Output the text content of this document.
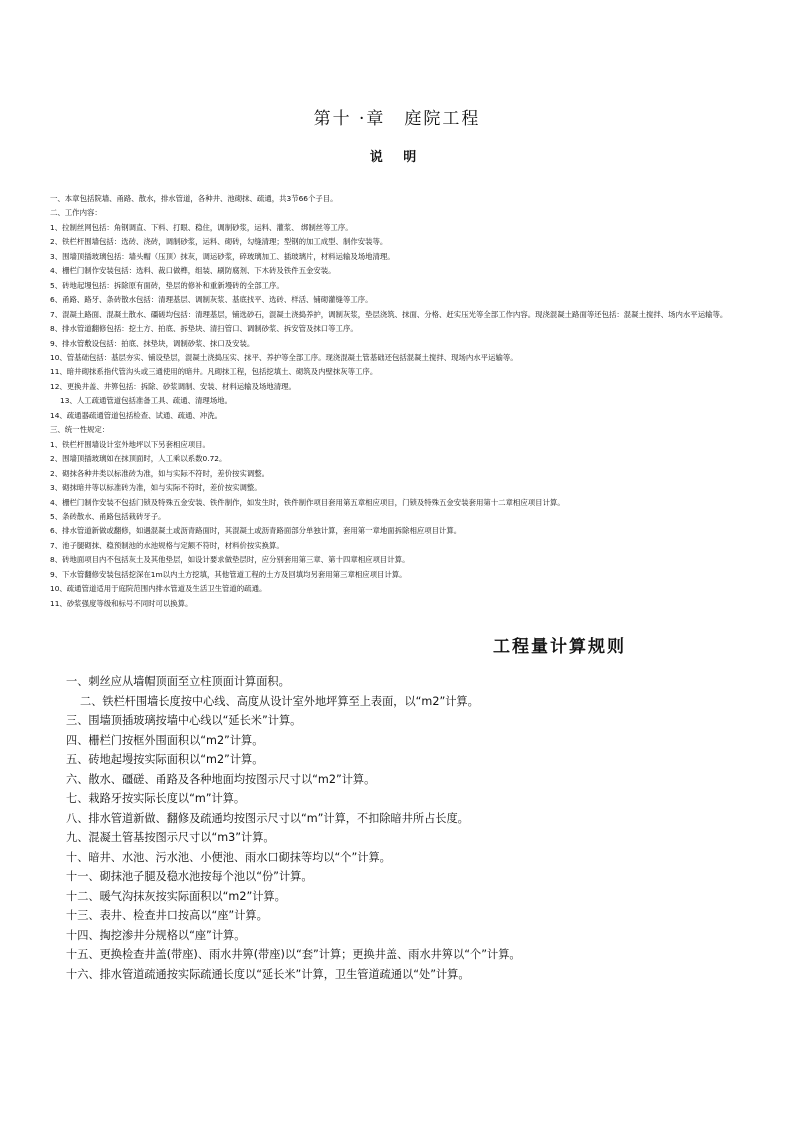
第十 ·章　庭院工程
说 明
一、本章包括院墙、甬路、散水，排水管道，各种井、池砌抹、疏通，共3节66个子目。
二、工作内容：
1、拉制丝网包括：角钢调直、下料、打眼、稳住，调制砂浆，运料、灌浆、 绑制丝等工序。
2、铁栏杆围墙包括：选砖、浇砖，调制砂浆，运料、砌砖，勾缝清理；型钢的加工成型、制作安装等。
3、围墙顶插玻璃包括：墙头帽（压顶）抹灰，调运砂浆，碎玻璃加工、插玻璃片，材料运输及场地清理。
4、栅栏门制作安装包括：选料、裁口做榫，组装、刷防腐剂、下木砖及铁件五金安装。
5、砖地起墁包括：拆除原有面砖，垫层的修补和重新墁砖的全部工序。
6、甬路、路牙、条砖散水包括：清理基层、调制灰浆、基底找平、选砖、样活、铺砌灌缝等工序。
7、混凝土路面、混凝土散水、礓磋均包括：清理基层，铺选砂石，混凝土浇捣养护，调制灰浆，垫层浇筑、抹面、分格、赶实压光等全部工作内容。现浇混凝土路面等还包括：混凝土搅拌、场内水平运输等。
8、排水管道翻修包括：挖土方、拍底、拆垫块、清扫管口、调制砂浆、拆安管及抹口等工序。
9、排水管敷设包括：拍底、抹垫块，调制砂浆、抹口及安装。
10、管基础包括：基层夯实、铺设垫层，混凝土浇捣压实、抹平、养护等全部工序。现浇混凝土管基础还包括混凝土搅拌、现场内水平运输等。
11、暗井砌抹系指代管沟头或三通使用的暗井。凡砌抹工程，包括挖填土、砌筑及内壁抹灰等工序。
12、更换井盖、井箅包括：拆除、砂浆调制、安装、材料运输及场地清理。
13、人工疏通管道包括准备工具、疏通、清理场地。
14、疏通器疏通管道包括检查、试通、疏通、冲洗。
三、统一性规定：
1、铁栏杆围墙设计室外地坪以下另套相应项目。
2、围墙顶插玻璃如在抹顶面时，人工乘以系数0.72。
2、砌抹各种井类以标准砖为准，如与实际不符时，差价按实调整。
3、砌抹暗井等以标准砖为准，如与实际不符时，差价按实调整。
4、栅栏门制作安装不包括门锁及特殊五金安装、铁件制作，如发生时，铁件制作项目套用第五章相应项目，门锁及特殊五金安装套用第十二章相应项目计算。
5、条砖散水、甬路包括栽砖牙子。
6、排水管道新做或翻修，如遇混凝土或沥青路面时，其混凝土或沥青路面部分单独计算，套用第一章地面拆除相应项目计算。
7、池子腿砌抹、稳预制池的水池规格与定额不符时，材料价按实换算。
8、砖地面项目内不包括灰土及其他垫层，如设计要求做垫层时，应分别套用第三章、第十四章相应项目计算。
9、下水管翻修安装包括挖深在1m以内土方挖填，其他管道工程的土方及回填均另套用第三章相应项目计算。
10、疏通管道适用于庭院范围内排水管道及生活卫生管道的疏通。
11、砂浆强度等级和标号不同时可以换算。
工程量计算规则
一、刺丝应从墙帽顶面至立柱顶面计算面积。
二、铁栏杆围墙长度按中心线、高度从设计室外地坪算至上表面，以“m2”计算。
三、围墙顶插玻璃按墙中心线以“延长米”计算。
四、栅栏门按框外围面积以“m2”计算。
五、砖地起墁按实际面积以“m2”计算。
六、散水、礓磋、甬路及各种地面均按图示尺寸以“m2”计算。
七、栽路牙按实际长度以“m”计算。
八、排水管道新做、翻修及疏通均按图示尺寸以“m”计算，不扣除暗井所占长度。
九、混凝土管基按图示尺寸以“m3”计算。
十、暗井、水池、污水池、小便池、雨水口砌抹等均以“个”计算。
十一、砌抹池子腿及稳水池按每个池以“份”计算。
十二、暖气沟抹灰按实际面积以“m2”计算。
十三、表井、检查井口按高以“座”计算。
十四、掏挖渗井分规格以“座”计算。
十五、更换检查井盖(带座)、雨水井箅(带座)以“套”计算；更换井盖、雨水井箅以“个”计算。
十六、排水管道疏通按实际疏通长度以“延长米”计算，卫生管道疏通以“处”计算。
